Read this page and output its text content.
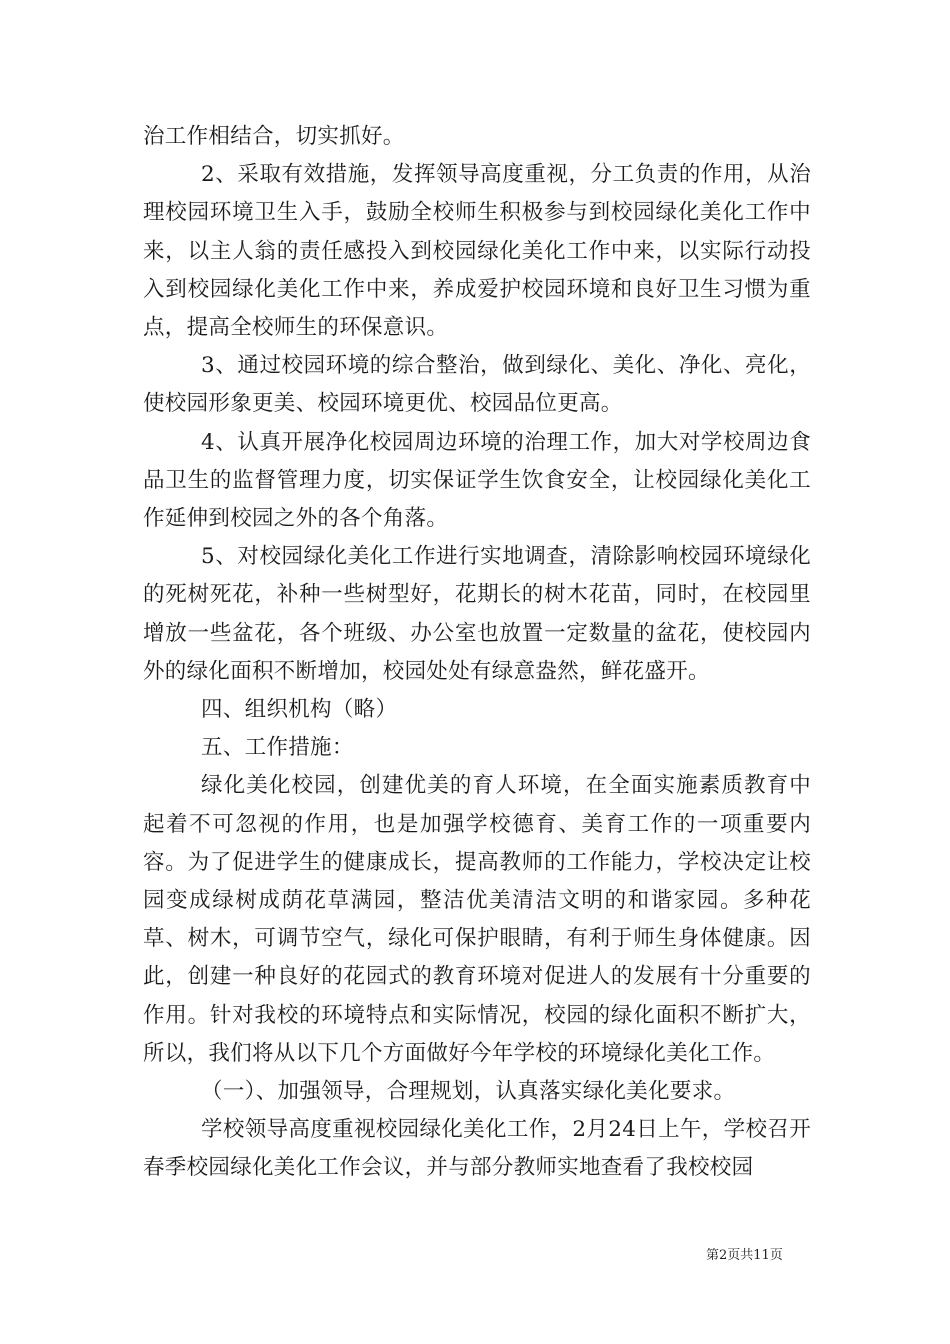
治工作相结合，切实抓好。

2、采取有效措施，发挥领导高度重视，分工负责的作用，从治理校园环境卫生入手，鼓励全校师生积极参与到校园绿化美化工作中来，以主人翁的责任感投入到校园绿化美化工作中来，以实际行动投入到校园绿化美化工作中来，养成爱护校园环境和良好卫生习惯为重点，提高全校师生的环保意识。

3、通过校园环境的综合整治，做到绿化、美化、净化、亮化，使校园形象更美、校园环境更优、校园品位更高。

4、认真开展净化校园周边环境的治理工作，加大对学校周边食品卫生的监督管理力度，切实保证学生饮食安全，让校园绿化美化工作延伸到校园之外的各个角落。

5、对校园绿化美化工作进行实地调查，清除影响校园环境绿化的死树死花，补种一些树型好，花期长的树木花苗，同时，在校园里增放一些盆花，各个班级、办公室也放置一定数量的盆花，使校园内外的绿化面积不断增加，校园处处有绿意盎然，鲜花盛开。

四、组织机构（略）

五、工作措施：

绿化美化校园，创建优美的育人环境，在全面实施素质教育中起着不可忽视的作用，也是加强学校德育、美育工作的一项重要内容。为了促进学生的健康成长，提高教师的工作能力，学校决定让校园变成绿树成荫花草满园，整洁优美清洁文明的和谐家园。多种花草、树木，可调节空气，绿化可保护眼睛，有利于师生身体健康。因此，创建一种良好的花园式的教育环境对促进人的发展有十分重要的作用。针对我校的环境特点和实际情况，校园的绿化面积不断扩大，所以，我们将从以下几个方面做好今年学校的环境绿化美化工作。

（一）、加强领导，合理规划，认真落实绿化美化要求。

学校领导高度重视校园绿化美化工作，2月24日上午，学校召开春季校园绿化美化工作会议，并与部分教师实地查看了我校校园

第2页共11页
